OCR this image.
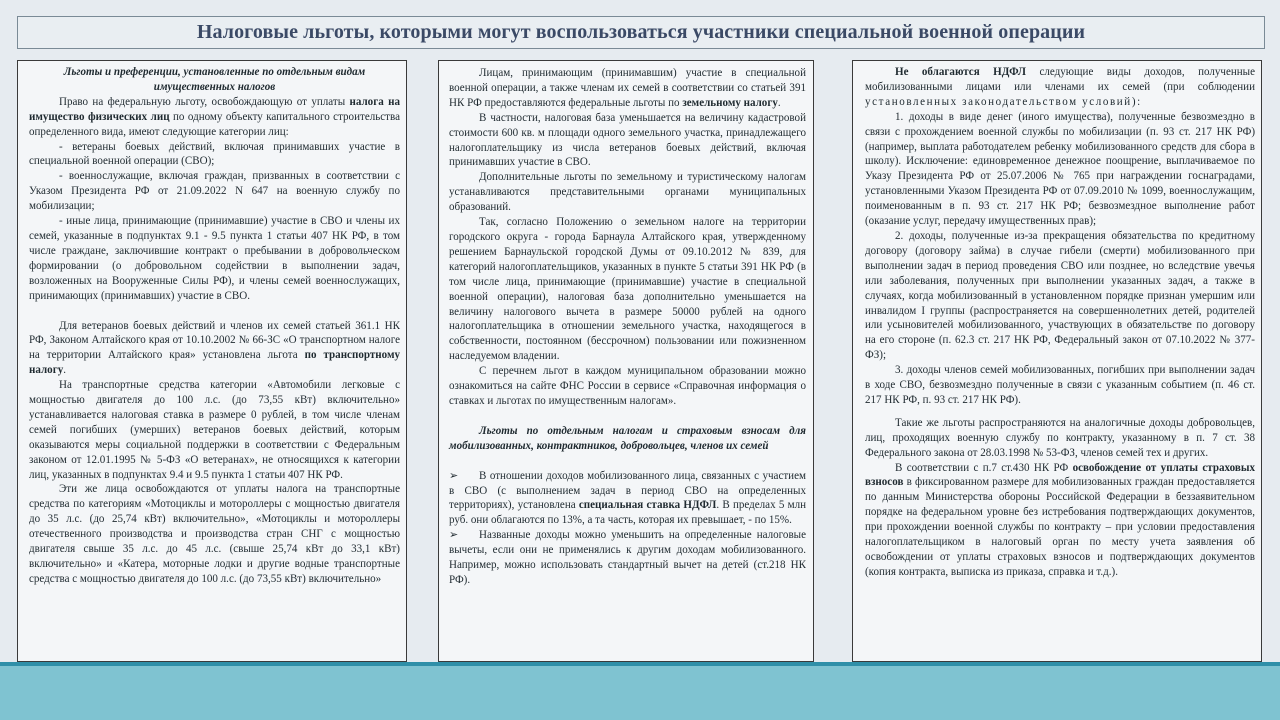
Налоговые льготы, которыми могут воспользоваться участники специальной военной операции

Льготы и преференции, установленные по отдельным видам имущественных налогов

Право на федеральную льготу, освобождающую от уплаты налога на имущество физических лиц по одному объекту капитального строительства определенного вида, имеют следующие категории лиц:

- ветераны боевых действий, включая принимавших участие в специальной военной операции (СВО);

- военнослужащие, включая граждан, призванных в соответствии с Указом Президента РФ от 21.09.2022 N 647 на военную службу по мобилизации;

- иные лица, принимающие (принимавшие) участие в СВО и члены их семей, указанные в подпунктах 9.1 - 9.5 пункта 1 статьи 407 НК РФ, в том числе граждане, заключившие контракт о пребывании в добровольческом формировании (о добровольном содействии в выполнении задач, возложенных на Вооруженные Силы РФ), и члены семей военнослужащих, принимающих (принимавших) участие в СВО.

Для ветеранов боевых действий и членов их семей статьей 361.1 НК РФ, Законом Алтайского края от 10.10.2002 № 66-ЗС «О транспортном налоге на территории Алтайского края» установлена льгота по транспортному налогу.

На транспортные средства категории «Автомобили легковые с мощностью двигателя до 100 л.с. (до 73,55 кВт) включительно» устанавливается налоговая ставка в размере 0 рублей, в том числе членам семей погибших (умерших) ветеранов боевых действий, которым оказываются меры социальной поддержки в соответствии с Федеральным законом от 12.01.1995 № 5-ФЗ «О ветеранах», не относящихся к категории лиц, указанных в подпунктах 9.4 и 9.5 пункта 1 статьи 407 НК РФ.

Эти же лица освобождаются от уплаты налога на транспортные средства по категориям «Мотоциклы и мотороллеры с мощностью двигателя до 35 л.с. (до 25,74 кВт) включительно», «Мотоциклы и мотороллеры отечественного производства и производства стран СНГ с мощностью двигателя свыше 35 л.с. до 45 л.с. (свыше 25,74 кВт до 33,1 кВт) включительно» и «Катера, моторные лодки и другие водные транспортные средства с мощностью двигателя до 100 л.с. (до 73,55 кВт) включительно»

Лицам, принимающим (принимавшим) участие в специальной военной операции, а также членам их семей в соответствии со статьей 391 НК РФ предоставляются федеральные льготы по земельному налогу.

В частности, налоговая база уменьшается на величину кадастровой стоимости 600 кв. м площади одного земельного участка, принадлежащего налогоплательщику из числа ветеранов боевых действий, включая принимавших участие в СВО.

Дополнительные льготы по земельному и туристическому налогам устанавливаются представительными органами муниципальных образований.

Так, согласно Положению о земельном налоге на территории городского округа - города Барнаула Алтайского края, утвержденному решением Барнаульской городской Думы от 09.10.2012 № 839, для категорий налогоплательщиков, указанных в пункте 5 статьи 391 НК РФ (в том числе лица, принимающие (принимавшие) участие в специальной военной операции), налоговая база дополнительно уменьшается на величину налогового вычета в размере 50000 рублей на одного налогоплательщика в отношении земельного участка, находящегося в собственности, постоянном (бессрочном) пользовании или пожизненном наследуемом владении.

С перечнем льгот в каждом муниципальном образовании можно ознакомиться на сайте ФНС России в сервисе «Справочная информация о ставках и льготах по имущественным налогам».

Льготы по отдельным налогам и страховым взносам для мобилизованных, контрактников, добровольцев, членов их семей

➢ В отношении доходов мобилизованного лица, связанных с участием в СВО (с выполнением задач в период СВО на определенных территориях), установлена специальная ставка НДФЛ. В пределах 5 млн руб. они облагаются по 13%, а та часть, которая их превышает, - по 15%.

➢ Названные доходы можно уменьшить на определенные налоговые вычеты, если они не применялись к другим доходам мобилизованного. Например, можно использовать стандартный вычет на детей (ст.218 НК РФ).

Не облагаются НДФЛ следующие виды доходов, полученные мобилизованными лицами или членами их семей (при соблюдении установленных законодательством условий):

1. доходы в виде денег (иного имущества), полученные безвозмездно в связи с прохождением военной службы по мобилизации (п. 93 ст. 217 НК РФ) (например, выплата работодателем ребенку мобилизованного средств для сбора в школу). Исключение: единовременное денежное поощрение, выплачиваемое по Указу Президента РФ от 25.07.2006 № 765 при награждении госнаградами, установленными Указом Президента РФ от 07.09.2010 № 1099, военнослужащим, поименованным в п. 93 ст. 217 НК РФ; безвозмездное выполнение работ (оказание услуг, передачу имущественных прав);

2. доходы, полученные из-за прекращения обязательства по кредитному договору (договору займа) в случае гибели (смерти) мобилизованного при выполнении задач в период проведения СВО или позднее, но вследствие увечья или заболевания, полученных при выполнении указанных задач, а также в случаях, когда мобилизованный в установленном порядке признан умершим или инвалидом I группы (распространяется на совершеннолетних детей, родителей или усыновителей мобилизованного, участвующих в обязательстве по договору на его стороне (п. 62.3 ст. 217 НК РФ, Федеральный закон от 07.10.2022 № 377-ФЗ);

3. доходы членов семей мобилизованных, погибших при выполнении задач в ходе СВО, безвозмездно полученные в связи с указанным событием (п. 46 ст. 217 НК РФ, п. 93 ст. 217 НК РФ).

Такие же льготы распространяются на аналогичные доходы добровольцев, лиц, проходящих военную службу по контракту, указанному в п. 7 ст. 38 Федерального закона от 28.03.1998 № 53-ФЗ, членов семей тех и других.

В соответствии с п.7 ст.430 НК РФ освобождение от уплаты страховых взносов в фиксированном размере для мобилизованных граждан предоставляется по данным Министерства обороны Российской Федерации в беззаявительном порядке на федеральном уровне без истребования подтверждающих документов, при прохождении военной службы по контракту – при условии предоставления налогоплательщиком в налоговый орган по месту учета заявления об освобождении от уплаты страховых взносов и подтверждающих документов (копия контракта, выписка из приказа, справка и т.д.).
